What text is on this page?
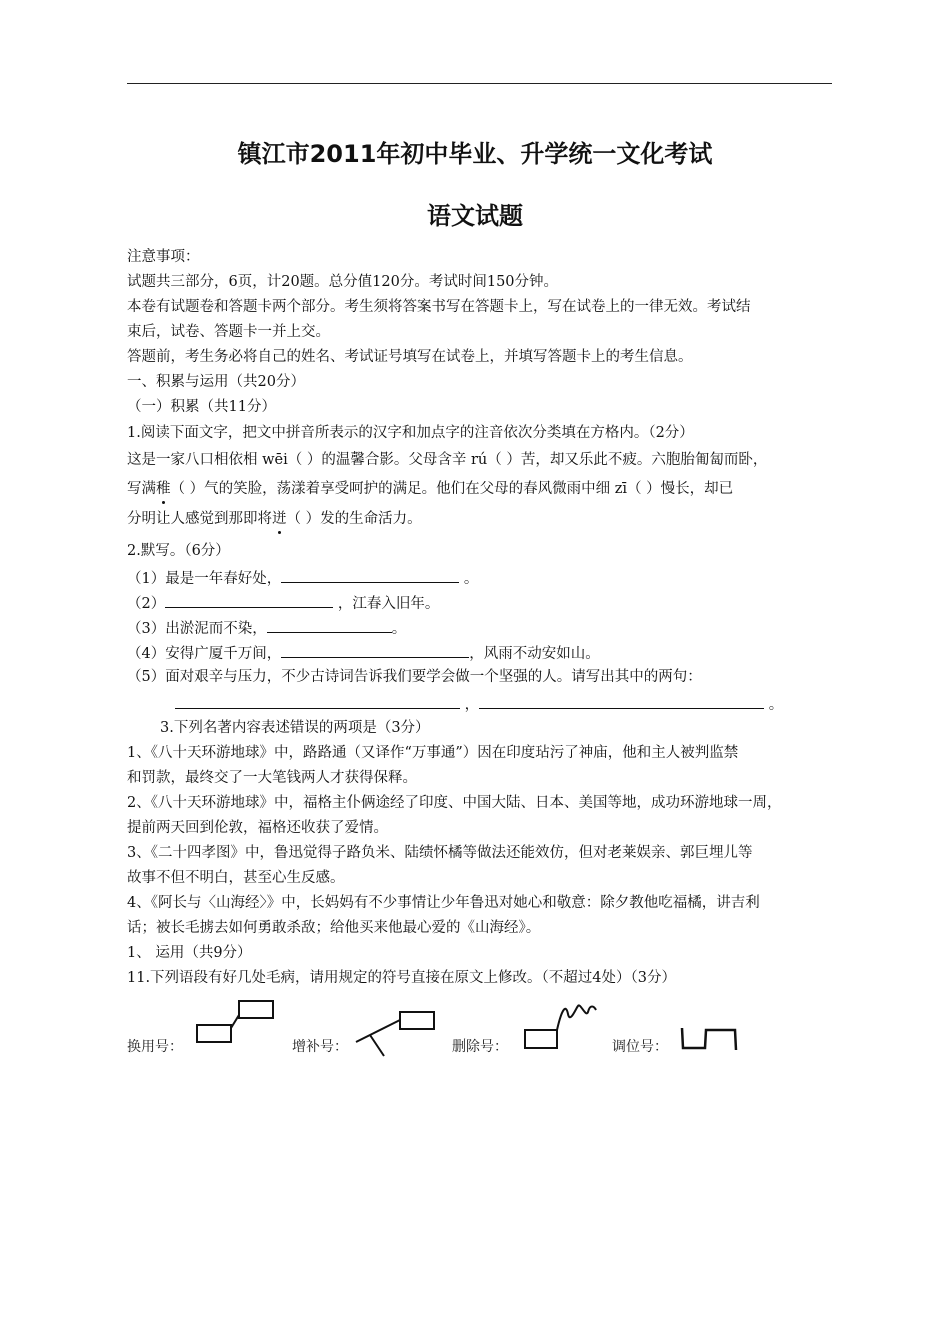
镇江市2011年初中毕业、升学统一文化考试
语文试题
注意事项：
试题共三部分，6页，计20题。总分值120分。考试时间150分钟。
本卷有试题卷和答题卡两个部分。考生须将答案书写在答题卡上，写在试卷上的一律无效。考试结
束后，试卷、答题卡一并上交。
答题前，考生务必将自己的姓名、考试证号填写在试卷上，并填写答题卡上的考生信息。
一、积累与运用（共20分）
（一）积累（共11分）
1.阅读下面文字，把文中拼音所表示的汉字和加点字的注音依次分类填在方格内。（2分）
这是一家八口相依相 wēi（ ）的温馨合影。父母含辛 rú（ ）苦，却又乐此不疲。六胞胎匍匐而卧，
写满稚（ ）气的笑脸，荡漾着享受呵护的满足。他们在父母的春风微雨中细 zī（ ）慢长，却已
分明让人感觉到那即将迸（ ）发的生命活力。
2.默写。（6分）
（1）最是一年春好处，	。
（2）	，江春入旧年。
（3）出淤泥而不染，	。
（4）安得广厦千万间，	，风雨不动安如山。
（5）面对艰辛与压力，不少古诗词告诉我们要学会做一个坚强的人。请写出其中的两句：
，	。
3.下列名著内容表述错误的两项是（3分）
1、《八十天环游地球》中，路路通（又译作“万事通”）因在印度玷污了神庙，他和主人被判监禁
和罚款，最终交了一大笔钱两人才获得保释。
2、《八十天环游地球》中，福格主仆俩途经了印度、中国大陆、日本、美国等地，成功环游地球一周，
提前两天回到伦敦，福格还收获了爱情。
3、《二十四孝图》中，鲁迅觉得子路负米、陆绩怀橘等做法还能效仿，但对老莱娱亲、郭巨埋儿等
故事不但不明白，甚至心生反感。
4、《阿长与〈山海经〉》中，长妈妈有不少事情让少年鲁迅对她心和敬意：除夕教他吃福橘，讲吉利
话；被长毛掳去如何勇敢杀敌；给他买来他最心爱的《山海经》。
1、 运用（共9分）
11.下列语段有好几处毛病，请用规定的符号直接在原文上修改。（不超过4处）（3分）
换用号：	增补号：	删除号：	调位号：
